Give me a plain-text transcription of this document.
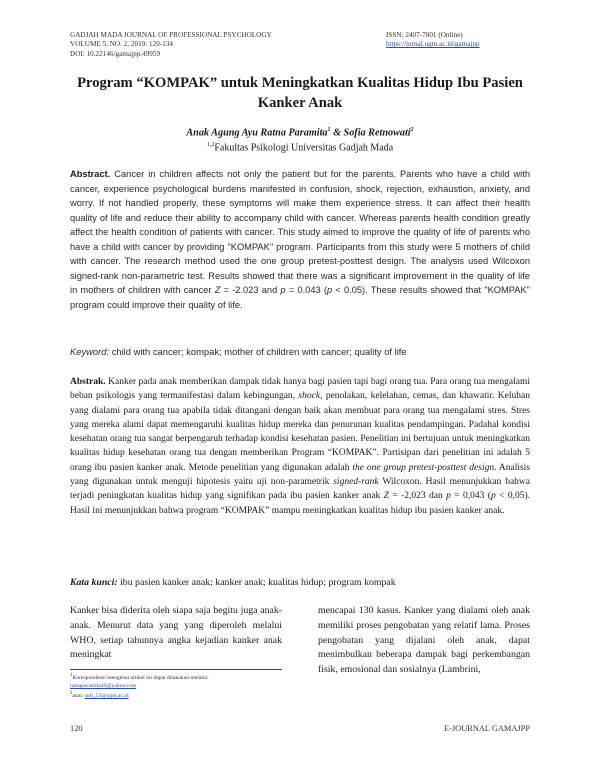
GADJAH MADA JOURNAL OF PROFESSIONAL PSYCHOLOGY
VOLUME 5, NO. 2, 2019: 120-134
DOI: 10.22146/gamajpp.49959
ISSN: 2407-7801 (Online)
https://jurnal.ugm.ac.id/gamajpp
Program “KOMPAK” untuk Meningkatkan Kualitas Hidup Ibu Pasien Kanker Anak
Anak Agung Ayu Ratna Paramita$^1$ & Sofia Retnowati$^2$
$^{1,2}$Fakultas Psikologi Universitas Gadjah Mada
Abstract. Cancer in children affects not only the patient but for the parents. Parents who have a child with cancer, experience psychological burdens manifested in confusion, shock, rejection, exhaustion, anxiety, and worry. If not handled properly, these symptoms will make them experience stress. It can affect their health quality of life and reduce their ability to accompany child with cancer. Whereas parents health condition greatly affect the health condition of patients with cancer. This study aimed to improve the quality of life of parents who have a child with cancer by providing "KOMPAK" program. Participants from this study were 5 mothers of child with cancer. The research method used the one group pretest-posttest design. The analysis used Wilcoxon signed-rank non-parametric test. Results showed that there was a significant improvement in the quality of life in mothers of children with cancer Z = -2.023 and p = 0.043 (p < 0.05). These results showed that "KOMPAK" program could improve their quality of life.
Keyword: child with cancer; kompak; mother of children with cancer; quality of life
Abstrak. Kanker pada anak memberikan dampak tidak hanya bagi pasien tapi bagi orang tua. Para orang tua mengalami beban psikologis yang termanifestasi dalam kebingungan, shock, penolakan, kelelahan, cemas, dan khawatir. Keluhan yang dialami para orang tua apabila tidak ditangani dengan baik akan membuat para orang tua mengalami stres. Stres yang mereka alami dapat memengaruhi kualitas hidup mereka dan penurunan kualitas pendampingan. Padahal kondisi kesehatan orang tua sangat berpengaruh terhadap kondisi kesehatan pasien. Penelitian ini bertujuan untuk meningkatkan kualitas hidup kesehatan orang tua dengan memberikan Program “KOMPAK”. Partisipan dari penelitian ini adalah 5 orang ibu pasien kanker anak. Metode penelitian yang digunakan adalah the one group pretest-posttest design. Analisis yang digunakan untuk menguji hipotesis yaitu uji non-parametrik signed-rank Wilcoxon. Hasil menunjukkan bahwa terjadi peningkatan kualitas hidup yang signifikan pada ibu pasien kanker anak Z = -2,023 dan p = 0,043 (p < 0,05). Hasil ini menunjukkan bahwa program “KOMPAK” mampu meningkatkan kualitas hidup ibu pasien kanker anak.
Kata kunci: ibu pasien kanker anak; kanker anak; kualitas hidup; program kompak
Kanker bisa diderita oleh siapa saja begitu juga anak-anak. Menurut data yang yang diperoleh melalui WHO, setiap tahunnya angka kejadian kanker anak meningkat
mencapai 130 kasus. Kanker yang dialami oleh anak memiliki proses pengobatan yang relatif lama. Proses pengobatan yang dijalani oleh anak, dapat menimbulkan beberapa dampak bagi perkembangan fisik, emosional dan sosialnya (Lambrini,
$^1$Korespondensi mengenai artikel ini dapat dilakukan melalui:
ratnaparamita20@yahoo.com
$^2$atau: sofi_53@ugm.ac.id
120	E-JOURNAL GAMAJPP
